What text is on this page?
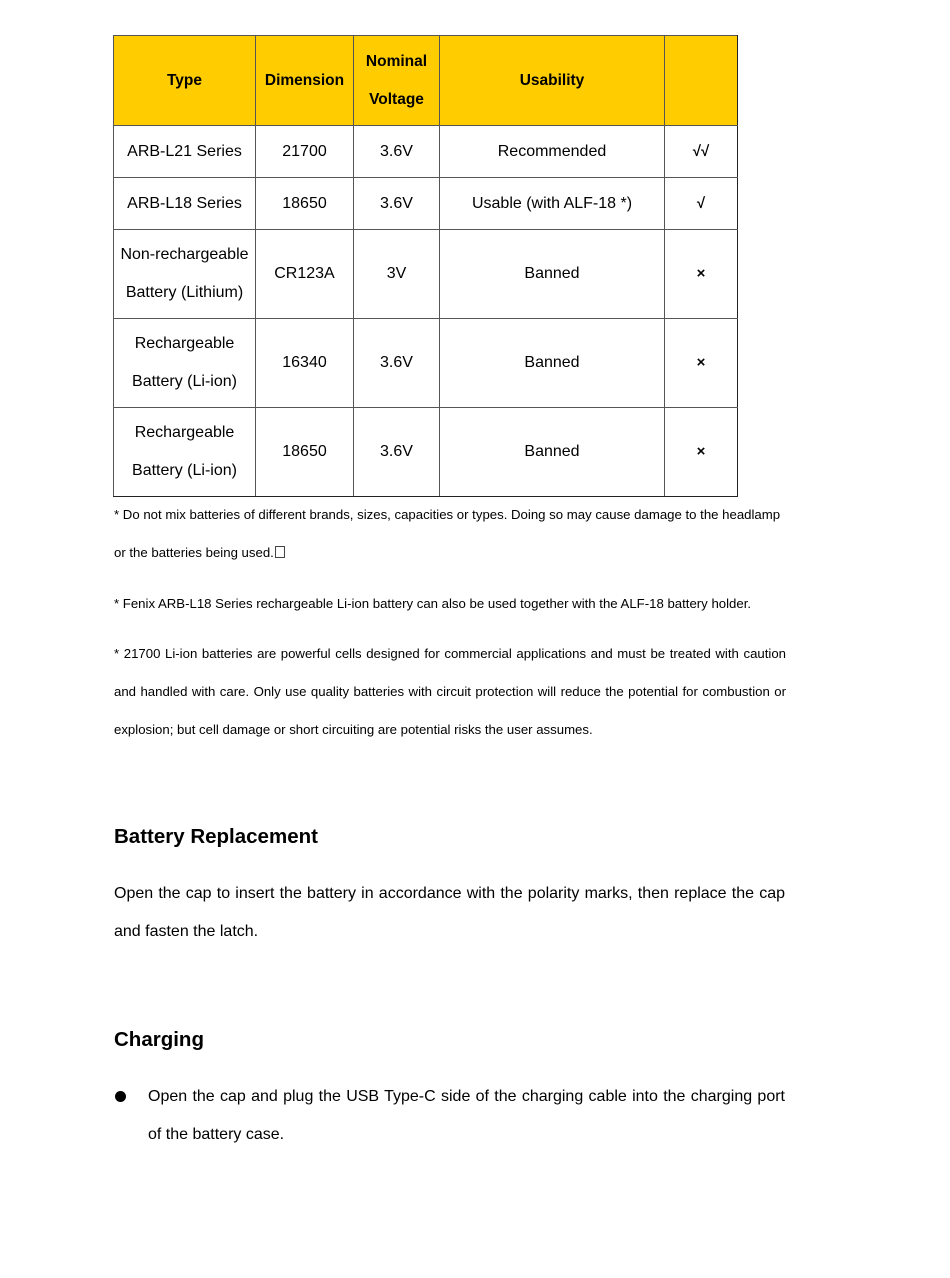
Type	Dimension	Nominal
Voltage	Usability	
ARB-L21 Series	21700	3.6V	Recommended	√√
ARB-L18 Series	18650	3.6V	Usable (with ALF-18 *)	√

Non-rechargeable
Battery (Lithium)	CR123A	3V	Banned	×

Rechargeable
Battery (Li-ion)	16340	3.6V	Banned	×

Rechargeable
Battery (Li-ion)	18650	3.6V	Banned	×

* Do not mix batteries of different brands, sizes, capacities or types. Doing so may cause damage to the headlamp

or the batteries being used.

* Fenix ARB-L18 Series rechargeable Li-ion battery can also be used together with the ALF-18 battery holder.

* 21700 Li-ion batteries are powerful cells designed for commercial applications and must be treated with caution and handled with care. Only use quality batteries with circuit protection will reduce the potential for combustion or explosion; but cell damage or short circuiting are potential risks the user assumes.

Battery Replacement

Open the cap to insert the battery in accordance with the polarity marks, then replace the cap and fasten the latch.

Charging

Open the cap and plug the USB Type-C side of the charging cable into the charging port of the battery case.
